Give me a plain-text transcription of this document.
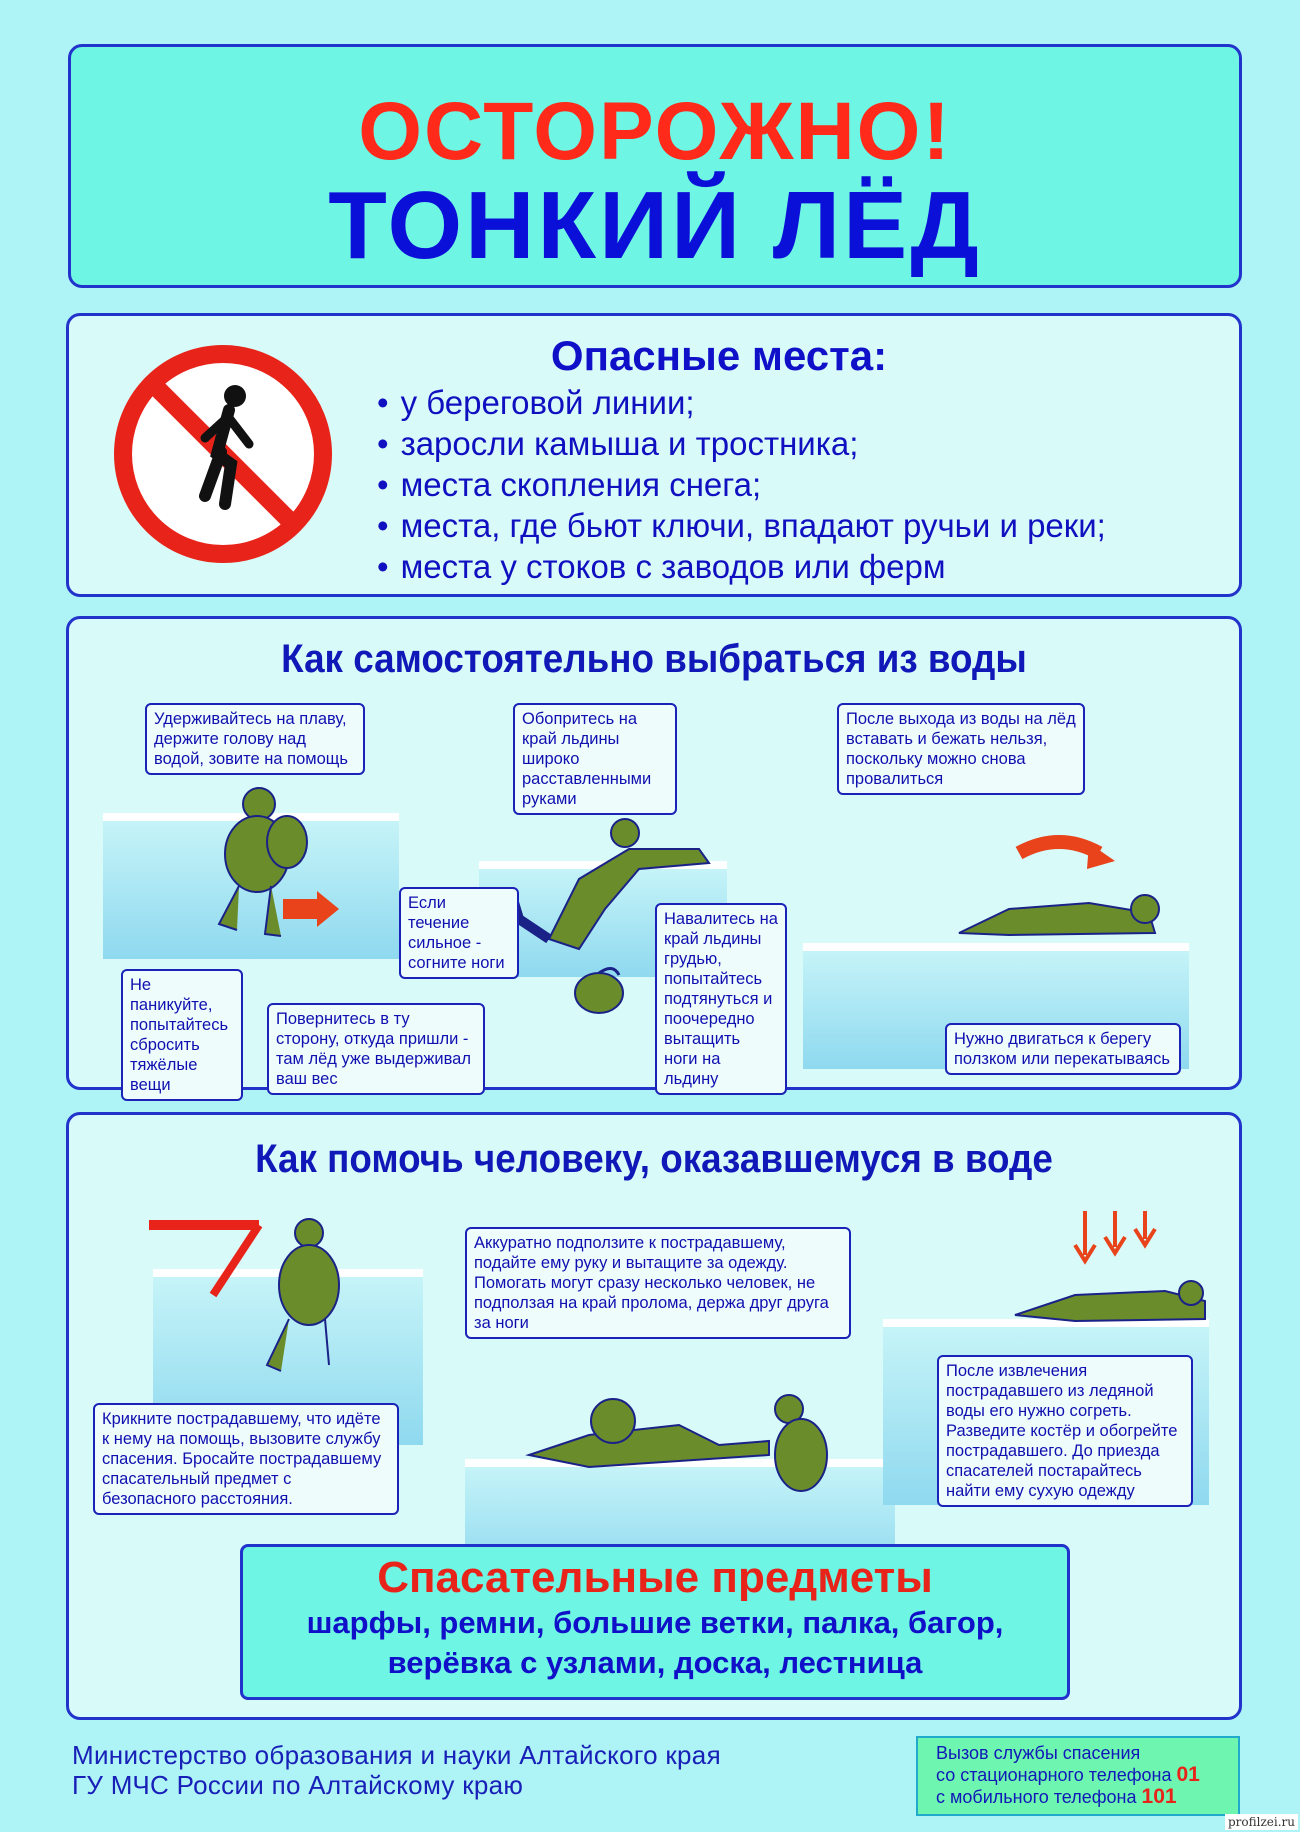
ОСТОРОЖНО!
ТОНКИЙ ЛЁД
Опасные места:
• у береговой линии;
• заросли камыша и тростника;
• места скопления снега;
• места, где бьют ключи, впадают ручьи и реки;
• места у стоков с заводов или ферм
Как самостоятельно выбраться из воды
Удерживайтесь на плаву, держите голову над водой, зовите на помощь
Не паникуйте, попытайтесь сбросить тяжёлые вещи
Повернитесь в ту сторону, откуда пришли - там лёд уже выдерживал ваш вес
Обопритесь на край льдины широко расставленными руками
Если течение сильное - согните ноги
Навалитесь на край льдины грудью, попытайтесь подтянуться и поочередно вытащить ноги на льдину
После выхода из воды на лёд вставать и бежать нельзя, поскольку можно снова провалиться
Нужно двигаться к берегу ползком или перекатываясь
Как помочь человеку, оказавшемуся в воде
Крикните пострадавшему, что идёте к нему на помощь, вызовите службу спасения. Бросайте пострадавшему спасательный предмет с безопасного расстояния.
Аккуратно подползите к пострадавшему, подайте ему руку и вытащите за одежду. Помогать могут сразу несколько человек, не подползая на край пролома, держа друг друга за ноги
После извлечения пострадавшего из ледяной воды его нужно согреть. Разведите костёр и обогрейте пострадавшего. До приезда спасателей постарайтесь найти ему сухую одежду
Спасательные предметы
шарфы, ремни, большие ветки, палка, багор,
верёвка с узлами, доска, лестница
Министерство образования и науки Алтайского края
ГУ МЧС России по Алтайскому краю
Вызов службы спасения
со стационарного телефона 01
с мобильного телефона 101
profilzei.ru
